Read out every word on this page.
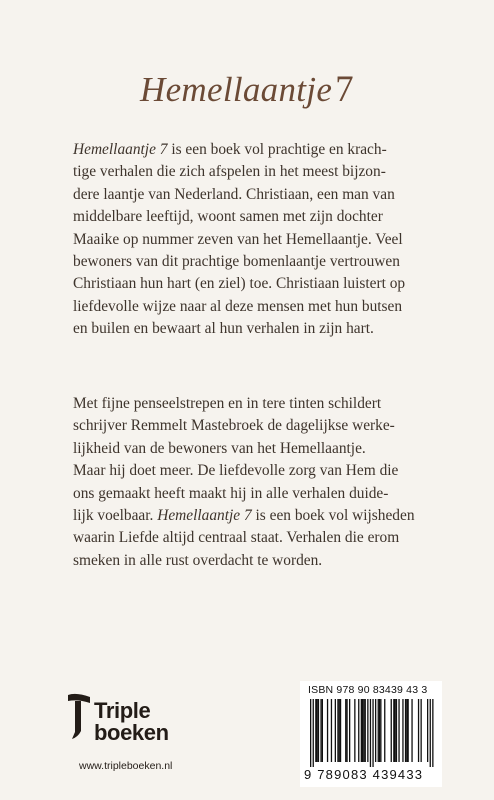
Hemellaantje7
Hemellaantje 7 is een boek vol prachtige en krach-
tige verhalen die zich afspelen in het meest bijzon-
dere laantje van Nederland. Christiaan, een man van
middelbare leeftijd, woont samen met zijn dochter
Maaike op nummer zeven van het Hemellaantje. Veel
bewoners van dit prachtige bomenlaantje vertrouwen
Christiaan hun hart (en ziel) toe. Christiaan luistert op
liefdevolle wijze naar al deze mensen met hun butsen
en builen en bewaart al hun verhalen in zijn hart.
Met fijne penseelstrepen en in tere tinten schildert
schrijver Remmelt Mastebroek de dagelijkse werke-
lijkheid van de bewoners van het Hemellaantje.
Maar hij doet meer. De liefdevolle zorg van Hem die
ons gemaakt heeft maakt hij in alle verhalen duide-
lijk voelbaar. Hemellaantje 7 is een boek vol wijsheden
waarin Liefde altijd centraal staat. Verhalen die erom
smeken in alle rust overdacht te worden.
Triple
boeken
www.tripleboeken.nl
ISBN 978 90 83439 43 3
9 789083 439433
